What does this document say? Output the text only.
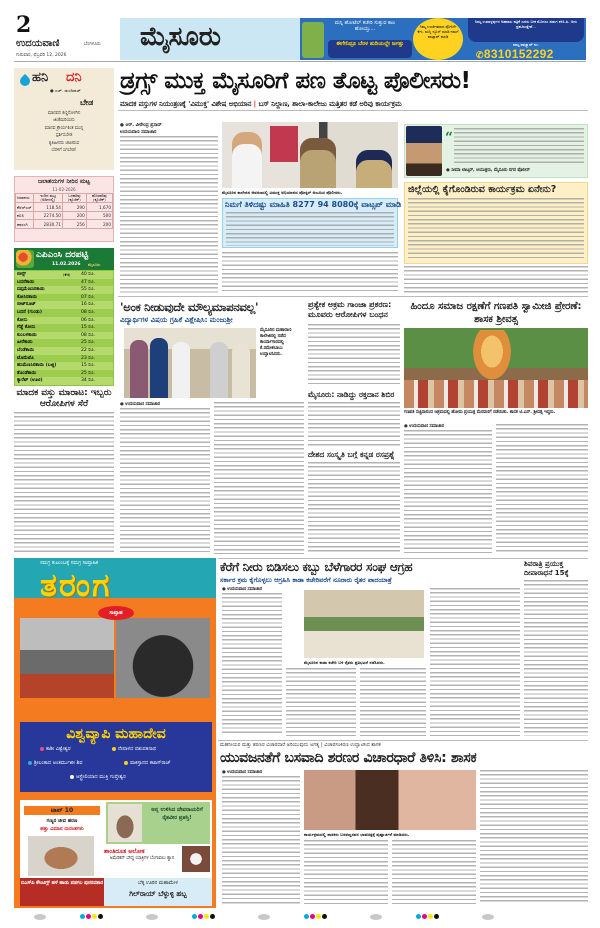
2
ಉದಯವಾಣಿ	ಬೆಂಗಳೂರು
ಗುರುವಾರ, ಫೆಬ್ರವರಿ 12, 2026
ಮೈಸೂರು	ಮನ್ನಿ ಹೋಟೆಲ್ ಕಚೇರಿ ಸುತ್ತುವ ಕಾಲ ಹೋಯ್ತು...
ಈಗೇನಿದ್ರೂ ಬೆರಳ ತುದಿಯಲ್ಲೇ ಜಗತ್ತು
ನಿಮ್ಮ ಊರ್ಜಿತವಾದ ಫೋನಿಗೇ ಕೆಗು. ಮನ್ನಿ ನ್ಯೂಸ್ ಮಾಡಿ ನಮಗೆ ವಾಟ್ಸಾಪ್ ಮಾಡಿ
ನಿಮ್ಮ ಊರಾಳ್ಳವುಗಳ ಅಹವಾಲ ಪತ್ರಿಕೆ ಎದರು ಬೀಕ ಮೊದಲು ಪಡುಗ ಕಳಿಸಿ.ಹಿ. ಅದು ಪ್ರಕಟಿಸುತ್ತೇವೆ...
ನಮ್ಮ ವಾಟ್ಸ್ಯಾಪ್ ನಂ.
✆8310152292
ಹನಿ ದನಿ
● ಎಚ್. ಡುಂಡಿರಾಜ್
ಬೇಡ
ಮಾನವನ ಕಣ್ಣಿನೊಳಗಿನ
ಜಿಂಕೆಮರಿಯನು
ಮಾನವ ಕ್ರೌರ್ಯಕಿಂತ ಮುನ್ನ
ಸ್ಪರ್ಶಿಸಬೇಡ
ಕೃತಿಹೀನರು ಚಾಚಿರುವ
ಬೆರಳಿಗೆ ಸಿಗಬೇಡ!
ಜಲಾಶಯಗಳ ನೀರಿನ ಮಟ್ಟ
11-02-2026
ಜಲಾಶಯ	ಇಂದಿನ ಮಟ್ಟ (ಅಡಿಗಳಲ್ಲಿ)	ಒಳಹರಿವು (ಕ್ಯೂಸೆಕ್)	ಹೊರಹರಿವು (ಕ್ಯೂಸೆಕ್)
ಕೆಆರ್‌ಎಸ್	118.54	290	1,670
ಕಬಿನಿ	2274.50	200	500
ಹಾರಂಗಿ	2830.71	256	200
ಎಪಿಎಂಸಿ ದರಪಟ್ಟಿ
11.02.2026 ಮೈಸೂರು
ಬೀನ್ಸ್	(ಕೆಜಿ) 40 ರೂ.
ಬದನೆಕಾಯಿ	47 ರೂ.
ದಪ್ಪಮೆಣಸಿನಕಾಯಿ	55 ರೂ.
ಕೋಸಿನಕಾಯಿ	07 ರೂ.
ಬೀಟ್‌ರೂಟ್	16 ರೂ.
ಬದನೆ (ಗುಂಡು)	08 ರೂ.
ಕೋಸು	06 ರೂ.
ಗೆಡ್ಡೆ ಕೋಸು	15 ರೂ.
ಕುಂಬಳಕಾಯಿ	08 ರೂ.
ಹೀರೆಕಾಯಿ	25 ರೂ.
ಬೆಂಡೆಕಾಯಿ	22 ರೂ.
ಟೊಮೆಟೊ	23 ರೂ.
ಹಸಿಮೆಣಸಿನಕಾಯಿ (ಬಜ್ಜಿ)	15 ರೂ.
ತೊಂಡೆಕಾಯಿ	25 ರೂ.
ಕ್ಯಾರೆಟ್ (ಊಟಿ)	34 ರೂ.
ಮಾದಕ ವಸ್ತು ಮಾರಾಟ: ಇಬ್ಬರು ಆರೋಪಿಗಳ ಸೆರೆ
ಡ್ರಗ್ಸ್ ಮುಕ್ತ ಮೈಸೂರಿಗೆ ಪಣ ತೊಟ್ಟ ಪೊಲೀಸರು!
ಮಾದಕ ವಸ್ತುಗಳ ನಿಯಂತ್ರಣಕ್ಕೆ 'ವಿಮುಕ್ತ' ವಿಶೇಷ ಅಭಿಯಾನ | ಬಸ್ ನಿಲ್ದಾಣ, ಶಾಲಾ-ಕಾಲೇಜು ಮತ್ತಿತರ ಕಡೆ ಅರಿವು ಕಾರ್ಯಕ್ರಮ
● ಆರ್. ವೀರೇಂದ್ರ ಪ್ರಸಾದ್
ಉದಯವಾಣಿ ಸಮಾಚಾರ
ಮೈಸೂರಿನ ಕಾಲೇಜಿನ ಆವರಣದಲ್ಲಿ ವಿಮುಕ್ತ ಅಭಿಯಾನದ ಪೋಸ್ಟರ್ ಅಂಟಿಸಿದ ಪೊಲೀಸರು.
ನಿಮಗೆ ತಿಳಿದಷ್ಟು ಮಾಹಿತಿ 8277 94 8080ಕ್ಕೆ ವಾಟ್ಸಪ್ ಮಾಡಿ
“
● ಸೀಮಾ ಲಾಟ್ಕರ್, ಆಯುಕ್ತರು, ಮೈಸೂರು ನಗರ ಪೊಲೀಸ್
ಜಿಲ್ಲೆಯಲ್ಲಿ ಕೈಗೊಂಡಿರುವ ಕಾರ್ಯಕ್ರಮ ಏನೇನು?
'ಅಂಕ ನೀಡುವುದೇ ಮೌಲ್ಯಮಾಪನವಲ್ಲ'
ವಿದ್ಯಾರ್ಥಿಗಳ ವಿಷಯ ಗ್ರಹಿಕೆ ವಿಶ್ಲೇಷಿಸಿ: ಮಂಜುಶ್ರೀ
ಮೈಸೂರಿನ ಮಹಾರಾಣಿ ಕಾಲೇಜಿನಲ್ಲಿ ನಡೆದ ಕಾರ್ಯಾಗಾರದಲ್ಲಿ ಕೆ.ರಮೇಶಬಾಬು ಉದ್ಘಾಟಿಸಿದರು.
● ಉದಯವಾಣಿ ಸಮಾಚಾರ
ಪ್ರತ್ಯೇಕ ಅಕ್ರಮ ಗಾಂಜಾ ಪ್ರಕರಣ: ಮೂವರು ಆರೋಪಿಗಳ ಬಂಧನ
ಮೈಸೂರು: ನಾಡಿದ್ದು ರಕ್ತದಾನ ಶಿಬಿರ
ದೇಶದ ಸಂಸ್ಕೃತಿ ಬಗ್ಗೆ ಕನ್ನಡ ರಸಪ್ರಶ್ನೆ
ಹಿಂದೂ ಸಮಾಜ ರಕ್ಷಣೆಗೆ ಗಣಪತಿ ಸ್ವಾಮೀಜಿ ಪ್ರೇರಣೆ: ಶಾಸಕ ಶ್ರೀವತ್ಸ
ಗಣಪತಿ ಸಚ್ಚಿದಾನಂದ ಆಶ್ರಮದಲ್ಲಿ ಹೋಮ ಪ್ರಯುಕ್ತ ಮೆರವಣಿಗೆ ನಡೆಯಿತು. ಶಾಸಕ ಟಿ.ಎಸ್. ಶ್ರೀವತ್ಸ ಇದ್ದರು.
● ಉದಯವಾಣಿ ಸಮಾಚಾರ
ಸಮಗ್ರ ಕುಟುಂಬಕ್ಕೆ ಸಮಗ್ರ ಸಾಪ್ತಾಹಿಕ
ತರಂಗ
ಸಾಪ್ತಾಹ
ವಿಶ್ವವ್ಯಾಪಿ ಮಹಾದೇವ
ಕಾಶೀ ವಿಶ್ವೇಶ್ವರ	ನೇಪಾಳದ ಪಶುಪತಿನಾಥ
ಶ್ರೀಲಂಕಾದ ಅಂತರ್ಮುಖೀ ಶಿವ	ಪಾಕಿಸ್ತಾನದ ಕಟಾಸ್‌ರಾಜ್
ಆಸ್ಟ್ರೇಲಿಯಾದ ಮುಕ್ತಿ ಗುಪ್ತೇಶ್ವರ
ಟಾಪ್ 10
ಗಣ್ಯರ ಜೀವ ಹರಣ
ಹತ್ತು ವಿಮಾನ ದುರಂತಗಳು
ಅನ್ನ ಉಳಿಸಿದ ದೇವರಾಯರಿಗೆ ರೈತವೀರ ಪ್ರಶಸ್ತಿ!
ಶಾಂತಿದೂತ ಅಲೋಕ
ಅಮೆರಿಕನ್ ಬೌದ್ಧ ಯಾತ್ರಿಗಳ ಬೆಂಗಾವಲು ಶ್ವಾನ
ಬಿಎಸ್‌ಪಿ ಕೌಂಟಿಗ್ಸ್ ಹಳೆ ಹಾಡು ಪಡಗಲ ಪುನರವತಾರ	ಬೆಕ್ಕ ಊರಿನ ಮಹಾಮೇಳ
ಗಿಲ್‌ರಾಯ್ ಬೆಳ್ಳುಳ್ಳಿ ಹಬ್ಬ
ಕೆರೆಗೆ ನೀರು ಬಿಡಿಸಲು ಕಬ್ಬು ಬೆಳೆಗಾರರ ಸಂಘ ಆಗ್ರಹ
ಸರ್ಕಾರ ಕ್ರಮ ಕೈಗೊಳ್ಳಲು ಆಗ್ರಹಿಸಿ ಕಾಡಾ ಕಚೇರಿವರೆಗೆ ನೂರಾರು ರೈತರ ಪಾದಯಾತ್ರೆ
● ಉದಯವಾಣಿ ಸಮಾಚಾರ
ಮೈಸೂರಿನ ಕಾಡಾ ಕಚೇರಿ ಬಳಿ ರೈತರು ಪ್ರತಿಭಟನೆ ನಡೆಸಿದರು.
ಶಿವರಾತ್ರಿ ಪ್ರಯುಕ್ತ ದೀಪಾರಾಧನೆ 15ಕ್ಕೆ
ಮಹನೀಯರ ಮತ್ತು ಶರಣರ ವಿಚಾರಧಾರೆ ಅರಿಯುವುದು ಅಗತ್ಯ | ವಿಚಾರಸಂಕಿರಣ ಉದ್ಘಾಟಿಸಿದ ಶಾಸಕ
ಯುವಜನತೆಗೆ ಬಸವಾದಿ ಶರಣರ ವಿಚಾರಧಾರೆ ತಿಳಿಸಿ: ಶಾಸಕ
● ಉದಯವಾಣಿ ಸಮಾಚಾರ
ಕಾರ್ಯಕ್ರಮದಲ್ಲಿ ಶಾಸಕರು ಬಸವಣ್ಣನವರ ಭಾವಚಿತ್ರಕ್ಕೆ ಪುಷ್ಪಾರ್ಚನೆ ಮಾಡಿದರು.
